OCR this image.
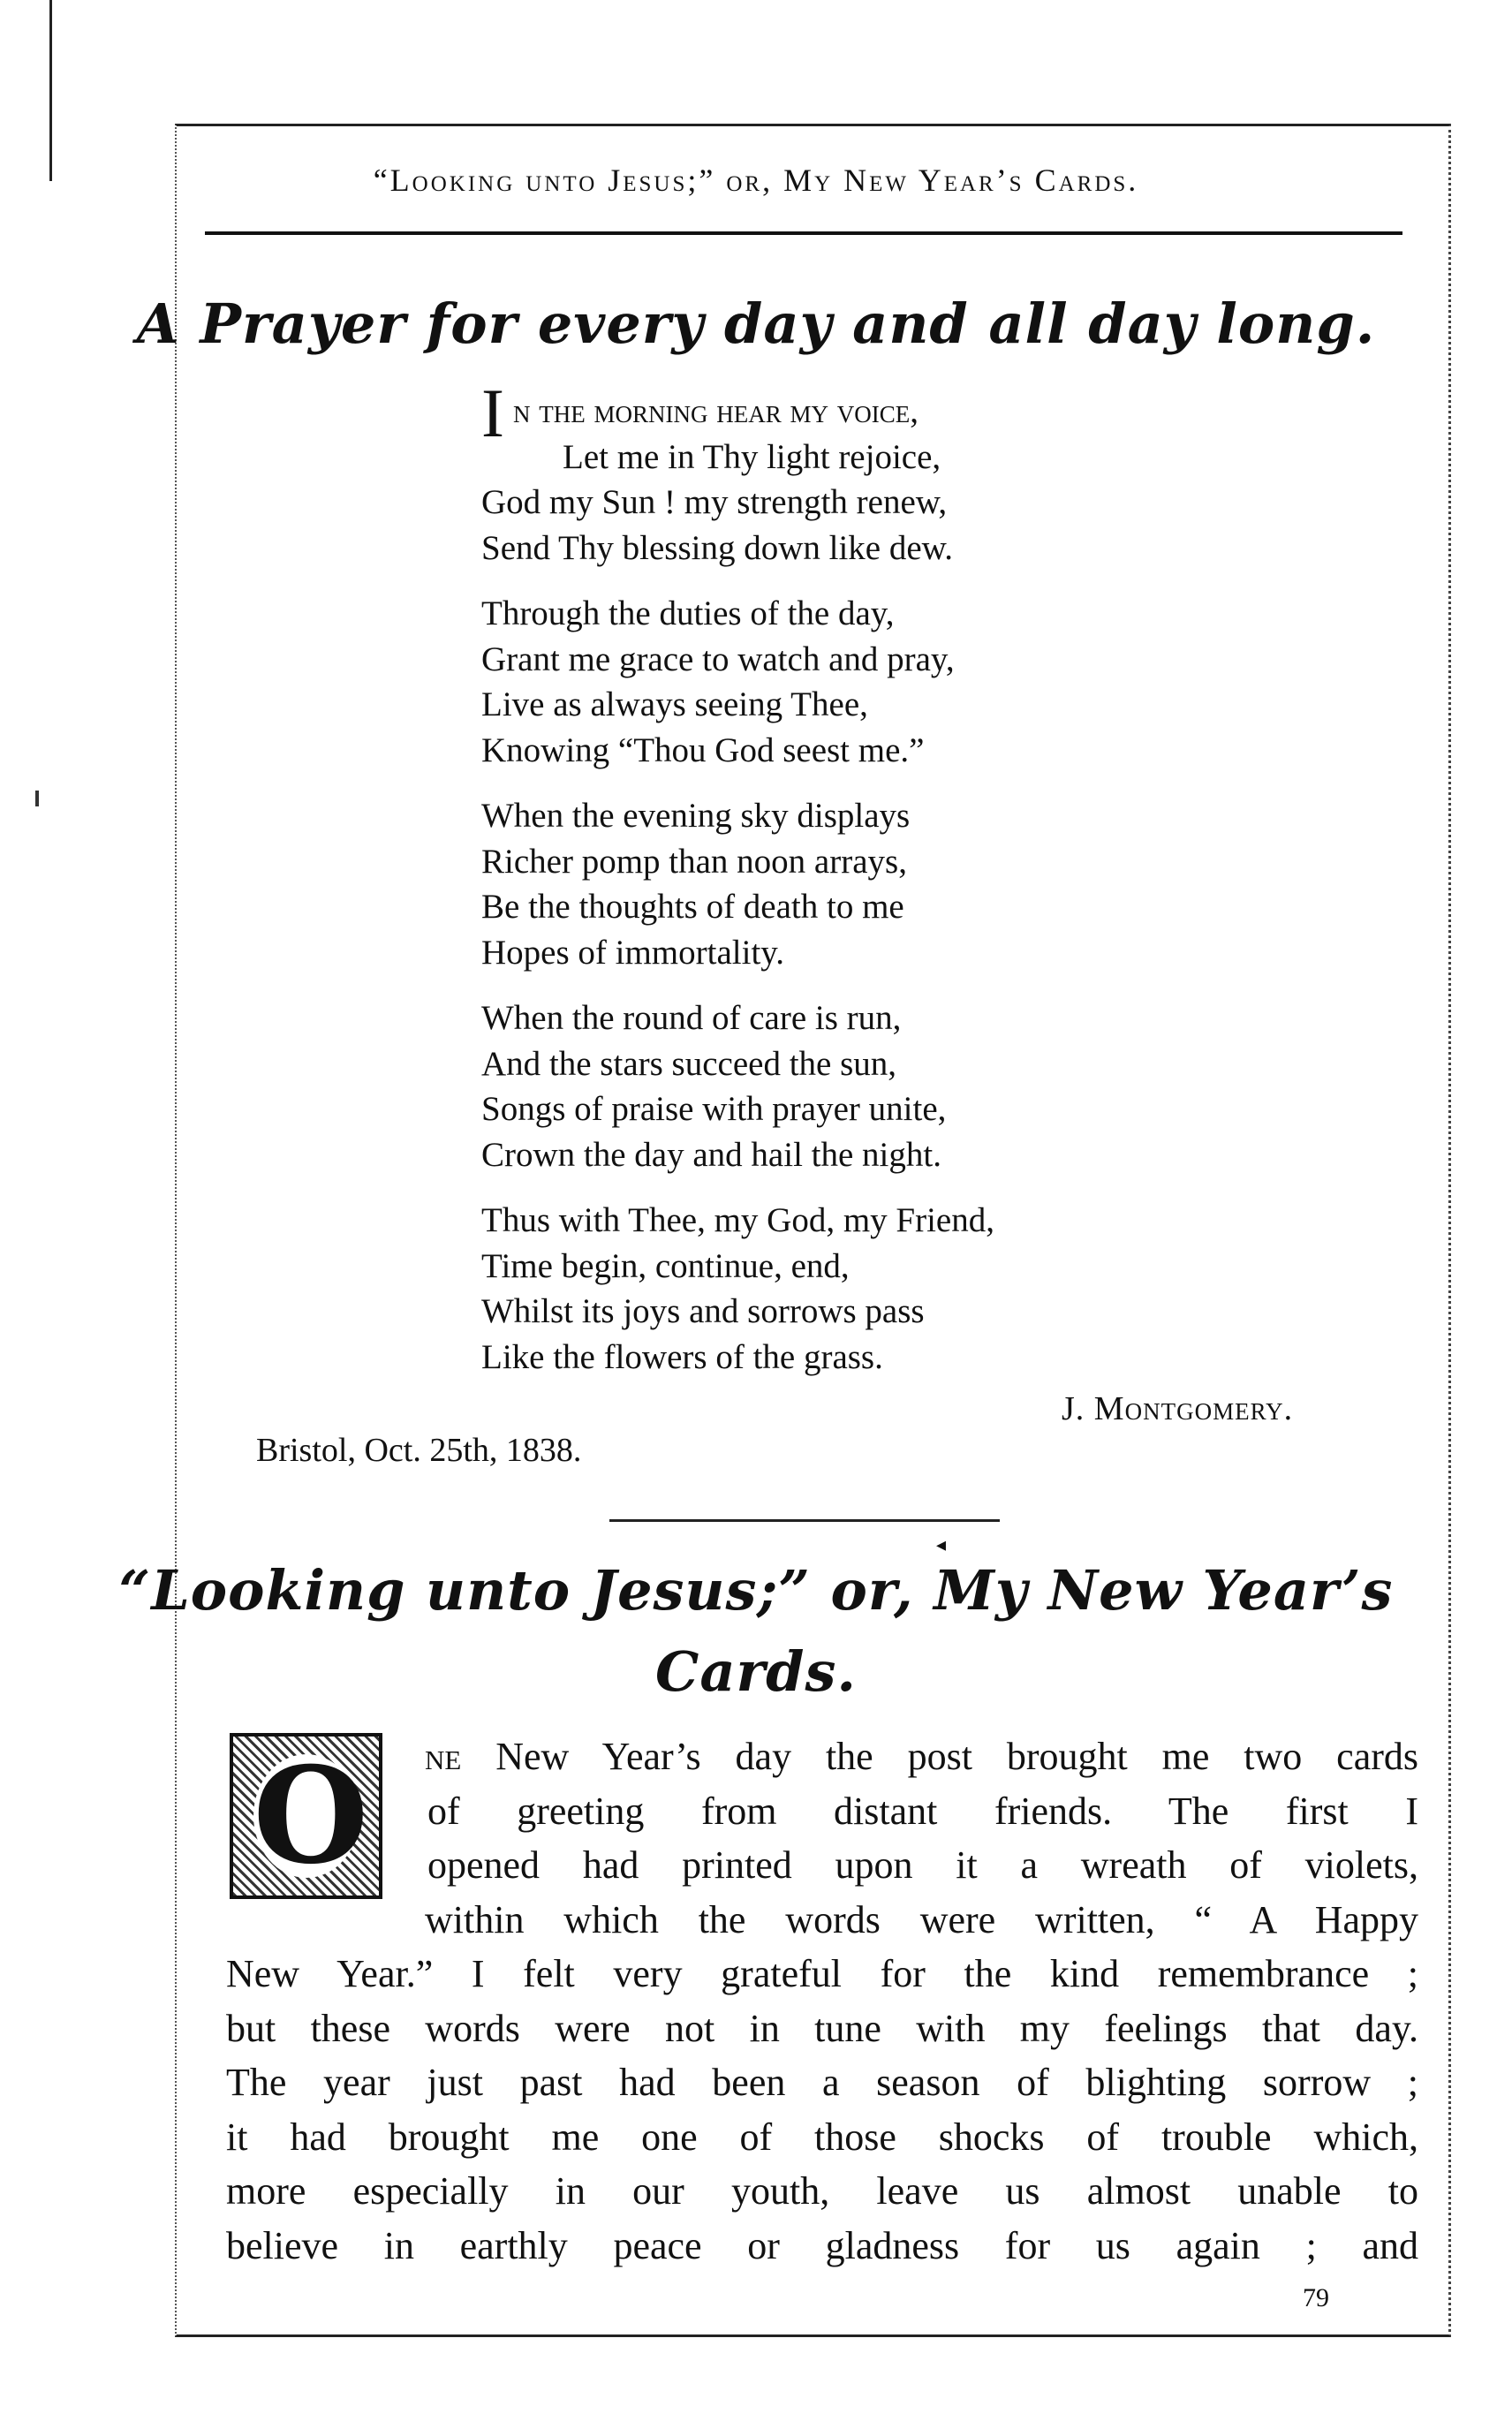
“Looking unto Jesus;” or, My New Year’s Cards.
A Prayer for every day and all day long.
In the morning hear my voice,
Let me in Thy light rejoice,
God my Sun ! my strength renew,
Send Thy blessing down like dew.
Through the duties of the day,
Grant me grace to watch and pray,
Live as always seeing Thee,
Knowing “Thou God seest me.”
When the evening sky displays
Richer pomp than noon arrays,
Be the thoughts of death to me
Hopes of immortality.
When the round of care is run,
And the stars succeed the sun,
Songs of praise with prayer unite,
Crown the day and hail the night.
Thus with Thee, my God, my Friend,
Time begin, continue, end,
Whilst its joys and sorrows pass
Like the flowers of the grass.
J. Montgomery.
Bristol, Oct. 25th, 1838.
◂
“Looking unto Jesus;” or, My New Year’s
Cards.
O	ne New Year’s day the post brought me two cards
of greeting from distant friends. The first I
opened had printed upon it a wreath of violets,
within which the words were written, “ A Happy
New Year.” I felt very grateful for the kind remembrance ;
but these words were not in tune with my feelings that day.
The year just past had been a season of blighting sorrow ;
it had brought me one of those shocks of trouble which,
more especially in our youth, leave us almost unable to
believe in earthly peace or gladness for us again ; and
79
